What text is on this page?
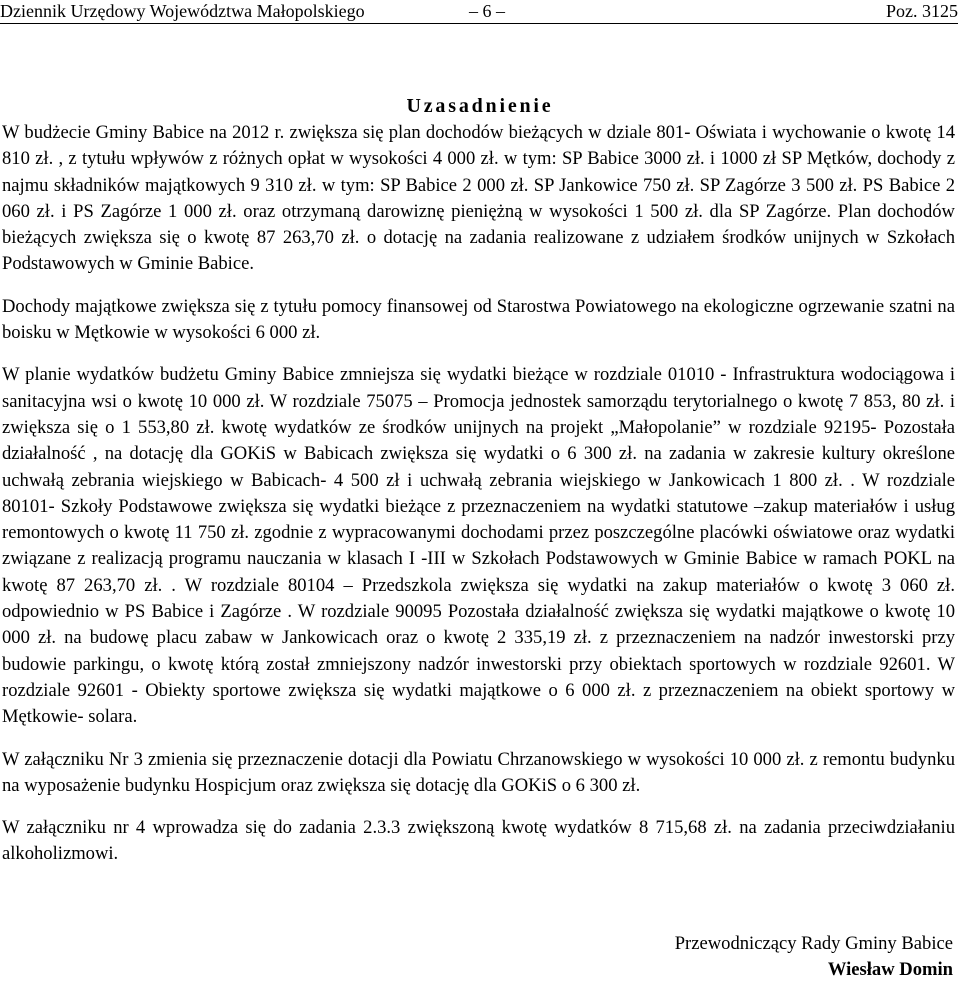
Dziennik Urzędowy Województwa Małopolskiego	– 6 –	Poz. 3125
Uzasadnienie

W budżecie Gminy Babice na 2012 r. zwiększa się plan dochodów bieżących w dziale 801- Oświata i wychowanie o kwotę 14 810 zł. , z tytułu wpływów z różnych opłat w wysokości 4 000 zł. w tym: SP Babice 3000 zł. i 1000 zł SP Mętków, dochody z najmu składników majątkowych 9 310 zł. w tym: SP Babice 2 000 zł. SP Jankowice 750 zł. SP Zagórze 3 500 zł. PS Babice 2 060 zł. i PS Zagórze 1 000 zł. oraz otrzymaną darowiznę pieniężną w wysokości 1 500 zł. dla SP Zagórze. Plan dochodów bieżących zwiększa się o kwotę 87 263,70 zł. o dotację na zadania realizowane z udziałem środków unijnych w Szkołach Podstawowych w Gminie Babice.

Dochody majątkowe zwiększa się z tytułu pomocy finansowej od Starostwa Powiatowego na ekologiczne ogrzewanie szatni na boisku w Mętkowie w wysokości 6 000 zł.

W planie wydatków budżetu Gminy Babice zmniejsza się wydatki bieżące w rozdziale 01010 - Infrastruktura wodociągowa i sanitacyjna wsi o kwotę 10 000 zł. W rozdziale 75075 – Promocja jednostek samorządu terytorialnego o kwotę 7 853, 80 zł. i zwiększa się o 1 553,80 zł. kwotę wydatków ze środków unijnych na projekt „Małopolanie” w rozdziale 92195- Pozostała działalność , na dotację dla GOKiS w Babicach zwiększa się wydatki o 6 300 zł. na zadania w zakresie kultury określone uchwałą zebrania wiejskiego w Babicach- 4 500 zł i uchwałą zebrania wiejskiego w Jankowicach 1 800 zł. . W rozdziale 80101- Szkoły Podstawowe zwiększa się wydatki bieżące z przeznaczeniem na wydatki statutowe –zakup materiałów i usług remontowych o kwotę 11 750 zł. zgodnie z wypracowanymi dochodami przez poszczególne placówki oświatowe oraz wydatki związane z realizacją programu nauczania w klasach I -III w Szkołach Podstawowych w Gminie Babice w ramach POKL na kwotę 87 263,70 zł. . W rozdziale 80104 – Przedszkola zwiększa się wydatki na zakup materiałów o kwotę 3 060 zł. odpowiednio w PS Babice i Zagórze . W rozdziale 90095 Pozostała działalność zwiększa się wydatki majątkowe o kwotę 10 000 zł. na budowę placu zabaw w Jankowicach oraz o kwotę 2 335,19 zł. z przeznaczeniem na nadzór inwestorski przy budowie parkingu, o kwotę którą został zmniejszony nadzór inwestorski przy obiektach sportowych w rozdziale 92601. W rozdziale 92601 - Obiekty sportowe zwiększa się wydatki majątkowe o 6 000 zł. z przeznaczeniem na obiekt sportowy w Mętkowie- solara.

W załączniku Nr 3 zmienia się przeznaczenie dotacji dla Powiatu Chrzanowskiego w wysokości 10 000 zł. z remontu budynku na wyposażenie budynku Hospicjum oraz zwiększa się dotację dla GOKiS o 6 300 zł.

W załączniku nr 4 wprowadza się do zadania 2.3.3 zwiększoną kwotę wydatków 8 715,68 zł. na zadania przeciwdziałaniu alkoholizmowi.

Przewodniczący Rady Gminy Babice
Wiesław Domin
